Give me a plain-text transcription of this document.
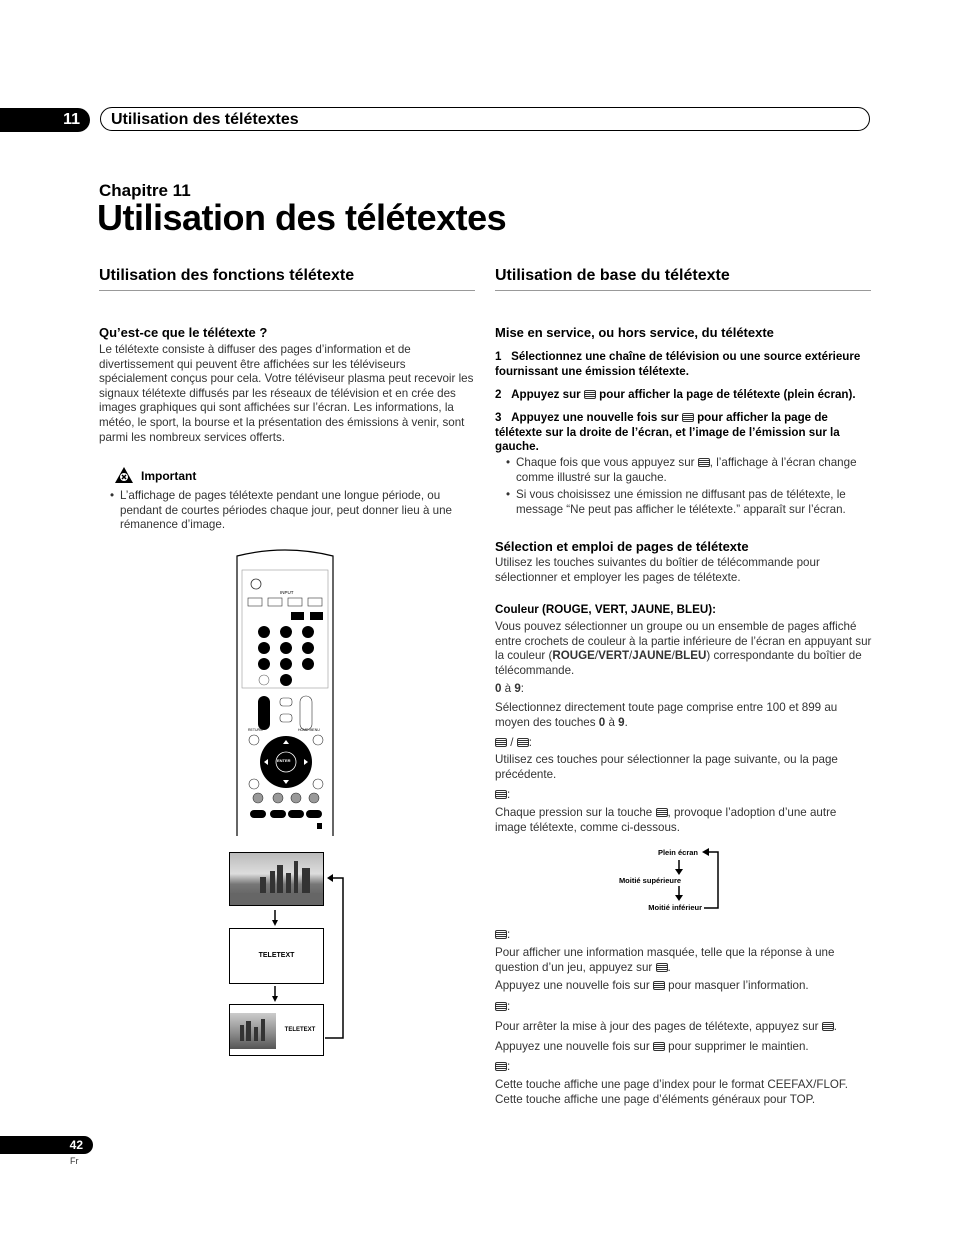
11	Utilisation des télétextes
Chapitre 11
Utilisation des télétextes
Utilisation des fonctions télétexte
Qu’est-ce que le télétexte ?
Le télétexte consiste à diffuser des pages d’information et de divertissement qui peuvent être affichées sur les téléviseurs spécialement conçus pour cela. Votre téléviseur plasma peut recevoir les signaux télétexte diffusés par les réseaux de télévision et en crée des images graphiques qui sont affichées sur l’écran. Les informations, la météo, le sport, la bourse et la présentation des émissions à venir, sont parmi les nombreux services offerts.
Important
• L’affichage de pages télétexte pendant une longue période, ou pendant de courtes périodes chaque jour, peut donner lieu à une rémanence d’image.
INPUT
ENTER
RETURN	HOME MENU
TELETEXT
TELETEXT
Utilisation de base du télétexte
Mise en service, ou hors service, du télétexte
1 Sélectionnez une chaîne de télévision ou une source extérieure fournissant une émission télétexte.
2 Appuyez sur pour afficher la page de télétexte (plein écran).
3 Appuyez une nouvelle fois sur pour afficher la page de télétexte sur la droite de l’écran, et l’image de l’émission sur la gauche.
• Chaque fois que vous appuyez sur , l’affichage à l’écran change comme illustré sur la gauche.
• Si vous choisissez une émission ne diffusant pas de télétexte, le message “Ne peut pas afficher le télétexte.” apparaît sur l’écran.
Sélection et emploi de pages de télétexte
Utilisez les touches suivantes du boîtier de télécommande pour sélectionner et employer les pages de télétexte.
Couleur (ROUGE, VERT, JAUNE, BLEU):
Vous pouvez sélectionner un groupe ou un ensemble de pages affiché entre crochets de couleur à la partie inférieure de l’écran en appuyant sur la couleur (ROUGE/VERT/JAUNE/BLEU) correspondante du boîtier de télécommande.
0 à 9:
Sélectionnez directement toute page comprise entre 100 et 899 au moyen des touches 0 à 9.
/ :
Utilisez ces touches pour sélectionner la page suivante, ou la page précédente.
:
Chaque pression sur la touche , provoque l’adoption d’une autre image télétexte, comme ci-dessous.
Plein écran
Moitié supérieure
Moitié inférieur
:
Pour afficher une information masquée, telle que la réponse à une question d’un jeu, appuyez sur .
Appuyez une nouvelle fois sur pour masquer l’information.
:
Pour arrêter la mise à jour des pages de télétexte, appuyez sur .
Appuyez une nouvelle fois sur pour supprimer le maintien.
:
Cette touche affiche une page d’index pour le format CEEFAX/FLOF.
Cette touche affiche une page d’éléments généraux pour TOP.
42
Fr
